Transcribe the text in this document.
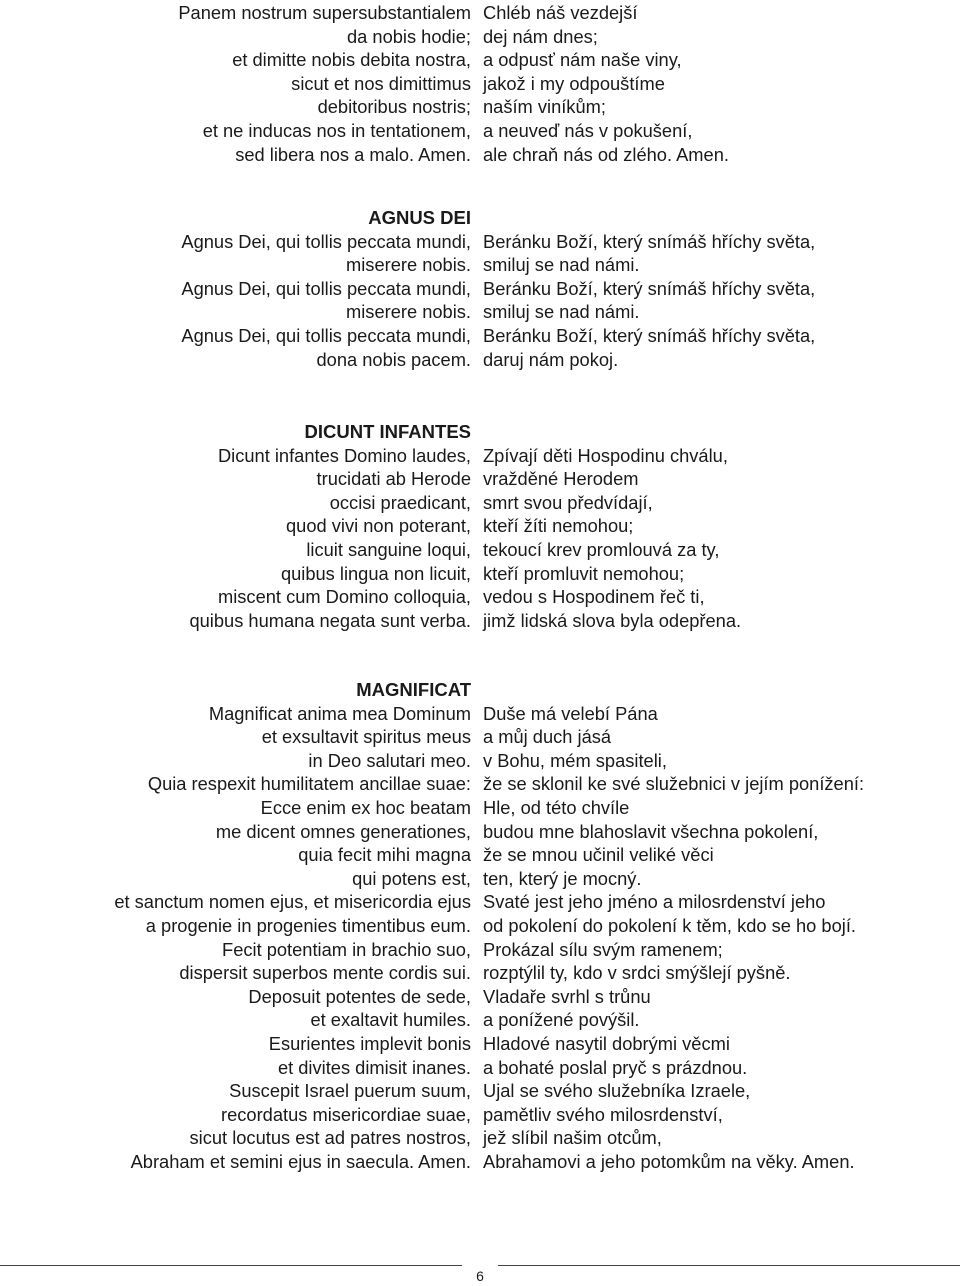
Panem nostrum supersubstantialem Chléb náš vezdejší
da nobis hodie; dej nám dnes;
et dimitte nobis debita nostra, a odpusť nám naše viny,
sicut et nos dimittimus jakož i my odpouštíme
debitoribus nostris; naším viníkům;
et ne inducas nos in tentationem, a neuveď nás v pokušení,
sed libera nos a malo. Amen. ale chraň nás od zlého. Amen.
AGNUS DEI
Agnus Dei, qui tollis peccata mundi, Beránku Boží, který snímáš hříchy světa,
miserere nobis. smiluj se nad námi.
Agnus Dei, qui tollis peccata mundi, Beránku Boží, který snímáš hříchy světa,
miserere nobis. smiluj se nad námi.
Agnus Dei, qui tollis peccata mundi, Beránku Boží, který snímáš hříchy světa,
dona nobis pacem. daruj nám pokoj.
DICUNT INFANTES
Dicunt infantes Domino laudes, Zpívají děti Hospodinu chválu,
trucidati ab Herode vražděné Herodem
occisi praedicant, smrt svou předvídají,
quod vivi non poterant, kteří žíti nemohou;
licuit sanguine loqui, tekoucí krev promlouvá za ty,
quibus lingua non licuit, kteří promluvit nemohou;
miscent cum Domino colloquia, vedou s Hospodinem řeč ti,
quibus humana negata sunt verba. jimž lidská slova byla odepřena.
MAGNIFICAT
Magnificat anima mea Dominum Duše má velebí Pána
et exsultavit spiritus meus a můj duch jásá
in Deo salutari meo. v Bohu, mém spasiteli,
Quia respexit humilitatem ancillae suae: že se sklonil ke své služebnici v jejím ponížení:
Ecce enim ex hoc beatam Hle, od této chvíle
me dicent omnes generationes, budou mne blahoslavit všechna pokolení,
quia fecit mihi magna že se mnou učinil veliké věci
qui potens est, ten, který je mocný.
et sanctum nomen ejus, et misericordia ejus Svaté jest jeho jméno a milosrdenství jeho
a progenie in progenies timentibus eum. od pokolení do pokolení k těm, kdo se ho bojí.
Fecit potentiam in brachio suo, Prokázal sílu svým ramenem;
dispersit superbos mente cordis sui. rozptýlil ty, kdo v srdci smýšlejí pyšně.
Deposuit potentes de sede, Vladaře svrhl s trůnu
et exaltavit humiles. a ponížené povýšil.
Esurientes implevit bonis Hladové nasytil dobrými věcmi
et divites dimisit inanes. a bohaté poslal pryč s prázdnou.
Suscepit Israel puerum suum, Ujal se svého služebníka Izraele,
recordatus misericordiae suae, pamětliv svého milosrdenství,
sicut locutus est ad patres nostros, jež slíbil našim otcům,
Abraham et semini ejus in saecula. Amen. Abrahamovi a jeho potomkům na věky. Amen.
6
